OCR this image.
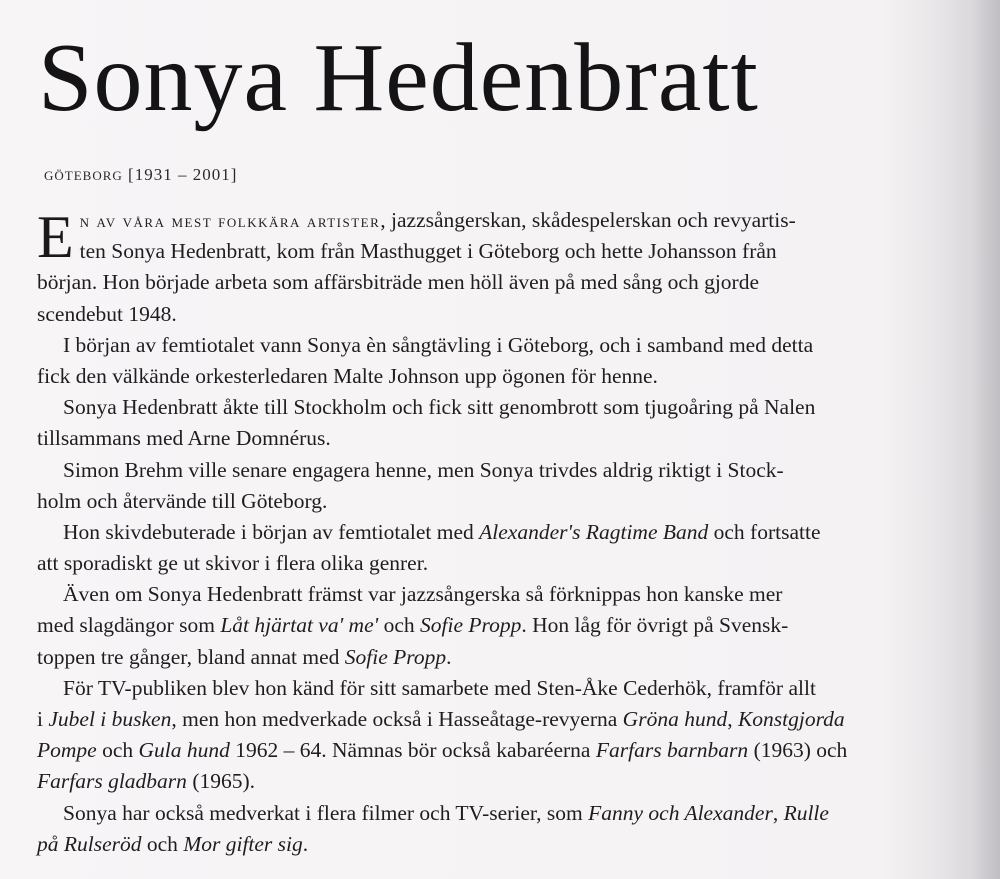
Sonya Hedenbratt
göteborg [1931 – 2001]
E n av våra mest folkkära artister, jazzsångerskan, skådespelerskan och revyartis-
ten Sonya Hedenbratt, kom från Masthugget i Göteborg och hette Johansson från
början. Hon började arbeta som affärsbiträde men höll även på med sång och gjorde
scendebut 1948.
I början av femtiotalet vann Sonya èn sångtävling i Göteborg, och i samband med detta
fick den välkände orkesterledaren Malte Johnson upp ögonen för henne.
Sonya Hedenbratt åkte till Stockholm och fick sitt genombrott som tjugoåring på Nalen
tillsammans med Arne Domnérus.
Simon Brehm ville senare engagera henne, men Sonya trivdes aldrig riktigt i Stock-
holm och återvände till Göteborg.
Hon skivdebuterade i början av femtiotalet med Alexander's Ragtime Band och fortsatte
att sporadiskt ge ut skivor i flera olika genrer.
Även om Sonya Hedenbratt främst var jazzsångerska så förknippas hon kanske mer
med slagdängor som Låt hjärtat va' me' och Sofie Propp. Hon låg för övrigt på Svensk-
toppen tre gånger, bland annat med Sofie Propp.
För TV-publiken blev hon känd för sitt samarbete med Sten-Åke Cederhök, framför allt
i Jubel i busken, men hon medverkade också i Hasseåtage-revyerna Gröna hund, Konstgjorda
Pompe och Gula hund 1962 – 64. Nämnas bör också kabaréerna Farfars barnbarn (1963) och
Farfars gladbarn (1965).
Sonya har också medverkat i flera filmer och TV-serier, som Fanny och Alexander, Rulle
på Rulseröd och Mor gifter sig.
